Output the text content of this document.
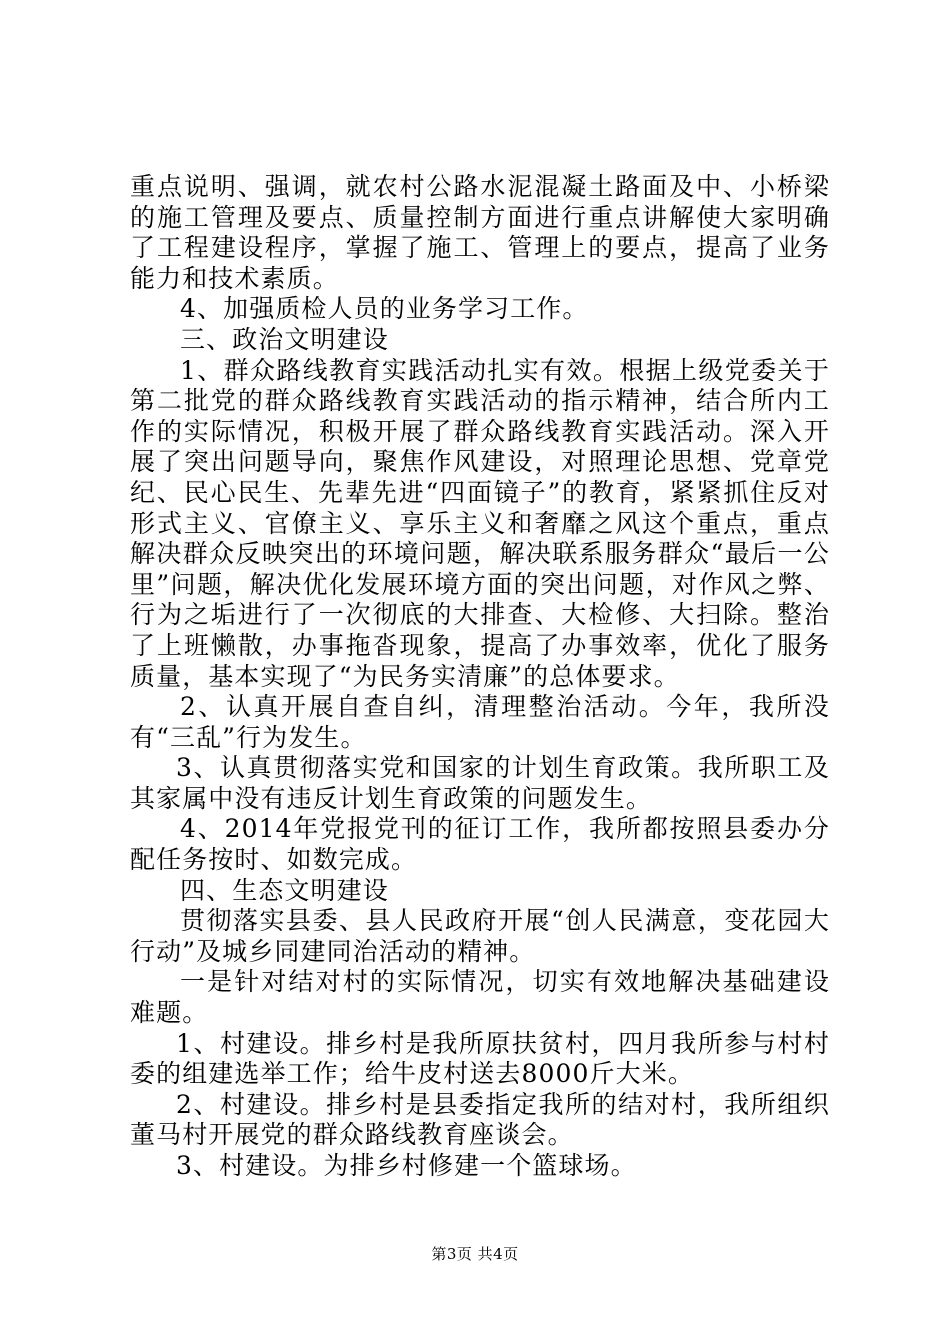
重点说明、强调，就农村公路水泥混凝土路面及中、小桥梁的施工管理及要点、质量控制方面进行重点讲解使大家明确了工程建设程序，掌握了施工、管理上的要点，提高了业务能力和技术素质。

4、加强质检人员的业务学习工作。

三、政治文明建设

1、群众路线教育实践活动扎实有效。根据上级党委关于第二批党的群众路线教育实践活动的指示精神，结合所内工作的实际情况，积极开展了群众路线教育实践活动。深入开展了突出问题导向，聚焦作风建设，对照理论思想、党章党纪、民心民生、先辈先进“四面镜子”的教育，紧紧抓住反对形式主义、官僚主义、享乐主义和奢靡之风这个重点，重点解决群众反映突出的环境问题，解决联系服务群众“最后一公里”问题，解决优化发展环境方面的突出问题，对作风之弊、行为之垢进行了一次彻底的大排查、大检修、大扫除。整治了上班懒散，办事拖沓现象，提高了办事效率，优化了服务质量，基本实现了“为民务实清廉”的总体要求。

2、认真开展自查自纠，清理整治活动。今年，我所没有“三乱”行为发生。

3、认真贯彻落实党和国家的计划生育政策。我所职工及其家属中没有违反计划生育政策的问题发生。

4、2014年党报党刊的征订工作，我所都按照县委办分配任务按时、如数完成。

四、生态文明建设

贯彻落实县委、县人民政府开展“创人民满意，变花园大行动”及城乡同建同治活动的精神。

一是针对结对村的实际情况，切实有效地解决基础建设难题。

1、村建设。排乡村是我所原扶贫村，四月我所参与村村委的组建选举工作；给牛皮村送去8000斤大米。

2、村建设。排乡村是县委指定我所的结对村，我所组织董马村开展党的群众路线教育座谈会。

3、村建设。为排乡村修建一个篮球场。

第3页 共4页
